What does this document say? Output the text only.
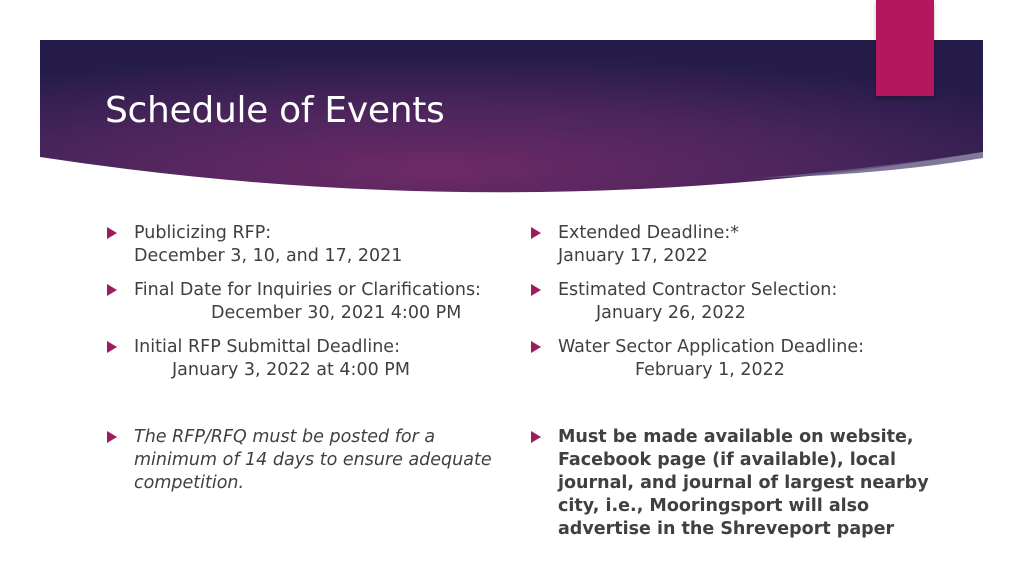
Schedule of Events
Publicizing RFP:
December 3, 10, and 17, 2021
Final Date for Inquiries or Clarifications:
December 30, 2021 4:00 PM
Initial RFP Submittal Deadline:
January 3, 2022 at 4:00 PM
The RFP/RFQ must be posted for a
minimum of 14 days to ensure adequate
competition.
Extended Deadline:*
January 17, 2022
Estimated Contractor Selection:
January 26, 2022
Water Sector Application Deadline:
February 1, 2022
Must be made available on website,
Facebook page (if available), local
journal, and journal of largest nearby
city, i.e., Mooringsport will also
advertise in the Shreveport paper
